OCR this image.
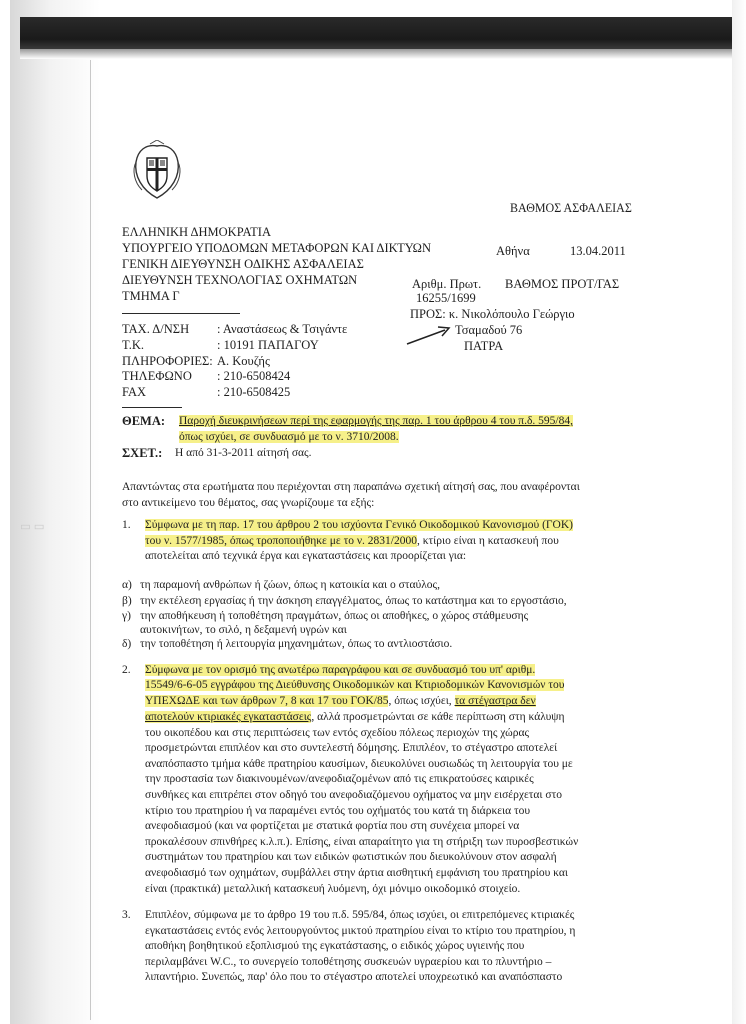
ΒΑΘΜΟΣ ΑΣΦΑΛΕΙΑΣ
ΕΛΛΗΝΙΚΗ ΔΗΜΟΚΡΑΤΙΑ
ΥΠΟΥΡΓΕΙΟ ΥΠΟΔΟΜΩΝ ΜΕΤΑΦΟΡΩΝ ΚΑΙ ΔΙΚΤΥΩΝ
ΓΕΝΙΚΗ ΔΙΕΥΘΥΝΣΗ ΟΔΙΚΗΣ ΑΣΦΑΛΕΙΑΣ
ΔΙΕΥΘΥΝΣΗ ΤΕΧΝΟΛΟΓΙΑΣ ΟΧΗΜΑΤΩΝ
ΤΜΗΜΑ Γ
Αθήνα	13.04.2011
Αριθμ. Πρωτ. ΒΑΘΜΟΣ ΠΡΟΤ/ΓΑΣ
16255/1699
ΠΡΟΣ: κ. Νικολόπουλο Γεώργιο
Τσαμαδού 76
ΠΑΤΡΑ
ΤΑΧ. Δ/ΝΣΗ : Αναστάσεως & Τσιγάντε
Τ.Κ.	: 10191 ΠΑΠΑΓΟΥ
ΠΛΗΡΟΦΟΡΙΕΣ: Α. Κουζής
ΤΗΛΕΦΩΝΟ : 210-6508424
FAX	: 210-6508425
ΘΕΜΑ: Παροχή διευκρινήσεων περί της εφαρμογής της παρ. 1 του άρθρου 4 του π.δ. 595/84,
όπως ισχύει, σε συνδυασμό με το ν. 3710/2008.
ΣΧΕΤ.: Η από 31-3-2011 αίτησή σας.
Απαντώντας στα ερωτήματα που περιέχονται στη παραπάνω σχετική αίτησή σας, που αναφέρονται
στο αντικείμενο του θέματος, σας γνωρίζουμε τα εξής:
▭ ▭	1. Σύμφωνα με τη παρ. 17 του άρθρου 2 του ισχύοντα Γενικό Οικοδομικού Κανονισμού (ΓΟΚ)
του ν. 1577/1985, όπως τροποποιήθηκε με το ν. 2831/2000, κτίριο είναι η κατασκευή που
αποτελείται από τεχνικά έργα και εγκαταστάσεις και προορίζεται για:
α) τη παραμονή ανθρώπων ή ζώων, όπως η κατοικία και ο σταύλος,
β) την εκτέλεση εργασίας ή την άσκηση επαγγέλματος, όπως το κατάστημα και το εργοστάσιο,
γ) την αποθήκευση ή τοποθέτηση πραγμάτων, όπως οι αποθήκες, ο χώρος στάθμευσης
αυτοκινήτων, το σιλό, η δεξαμενή υγρών και
δ) την τοποθέτηση ή λειτουργία μηχανημάτων, όπως το αντλιοστάσιο.
2. Σύμφωνα με τον ορισμό της ανωτέρω παραγράφου και σε συνδυασμό του υπ' αριθμ.
15549/6-6-05 εγγράφου της Διεύθυνσης Οικοδομικών και Κτιριοδομικών Κανονισμών του
ΥΠΕΧΩΔΕ και των άρθρων 7, 8 και 17 του ΓΟΚ/85, όπως ισχύει, τα στέγαστρα δεν
αποτελούν κτιριακές εγκαταστάσεις, αλλά προσμετρώνται σε κάθε περίπτωση στη κάλυψη
του οικοπέδου και στις περιπτώσεις των εντός σχεδίου πόλεως περιοχών της χώρας
προσμετρώνται επιπλέον και στο συντελεστή δόμησης. Επιπλέον, το στέγαστρο αποτελεί
αναπόσπαστο τμήμα κάθε πρατηρίου καυσίμων, διευκολύνει ουσιωδώς τη λειτουργία του με
την προστασία των διακινουμένων/ανεφοδιαζομένων από τις επικρατούσες καιρικές
συνθήκες και επιτρέπει στον οδηγό του ανεφοδιαζόμενου οχήματος να μην εισέρχεται στο
κτίριο του πρατηρίου ή να παραμένει εντός του οχήματός του κατά τη διάρκεια του
ανεφοδιασμού (και να φορτίζεται με στατικά φορτία που στη συνέχεια μπορεί να
προκαλέσουν σπινθήρες κ.λ.π.). Επίσης, είναι απαραίτητο για τη στήριξη των πυροσβεστικών
συστημάτων του πρατηρίου και των ειδικών φωτιστικών που διευκολύνουν στον ασφαλή
ανεφοδιασμό των οχημάτων, συμβάλλει στην άρτια αισθητική εμφάνιση του πρατηρίου και
είναι (πρακτικά) μεταλλική κατασκευή λυόμενη, όχι μόνιμο οικοδομικό στοιχείο.
3. Επιπλέον, σύμφωνα με το άρθρο 19 του π.δ. 595/84, όπως ισχύει, οι επιτρεπόμενες κτιριακές
εγκαταστάσεις εντός ενός λειτουργούντος μικτού πρατηρίου είναι το κτίριο του πρατηρίου, η
αποθήκη βοηθητικού εξοπλισμού της εγκατάστασης, ο ειδικός χώρος υγιεινής που
περιλαμβάνει W.C., το συνεργείο τοποθέτησης συσκευών υγραερίου και το πλυντήριο –
λιπαντήριο. Συνεπώς, παρ' όλο που το στέγαστρο αποτελεί υποχρεωτικό και αναπόσπαστο
